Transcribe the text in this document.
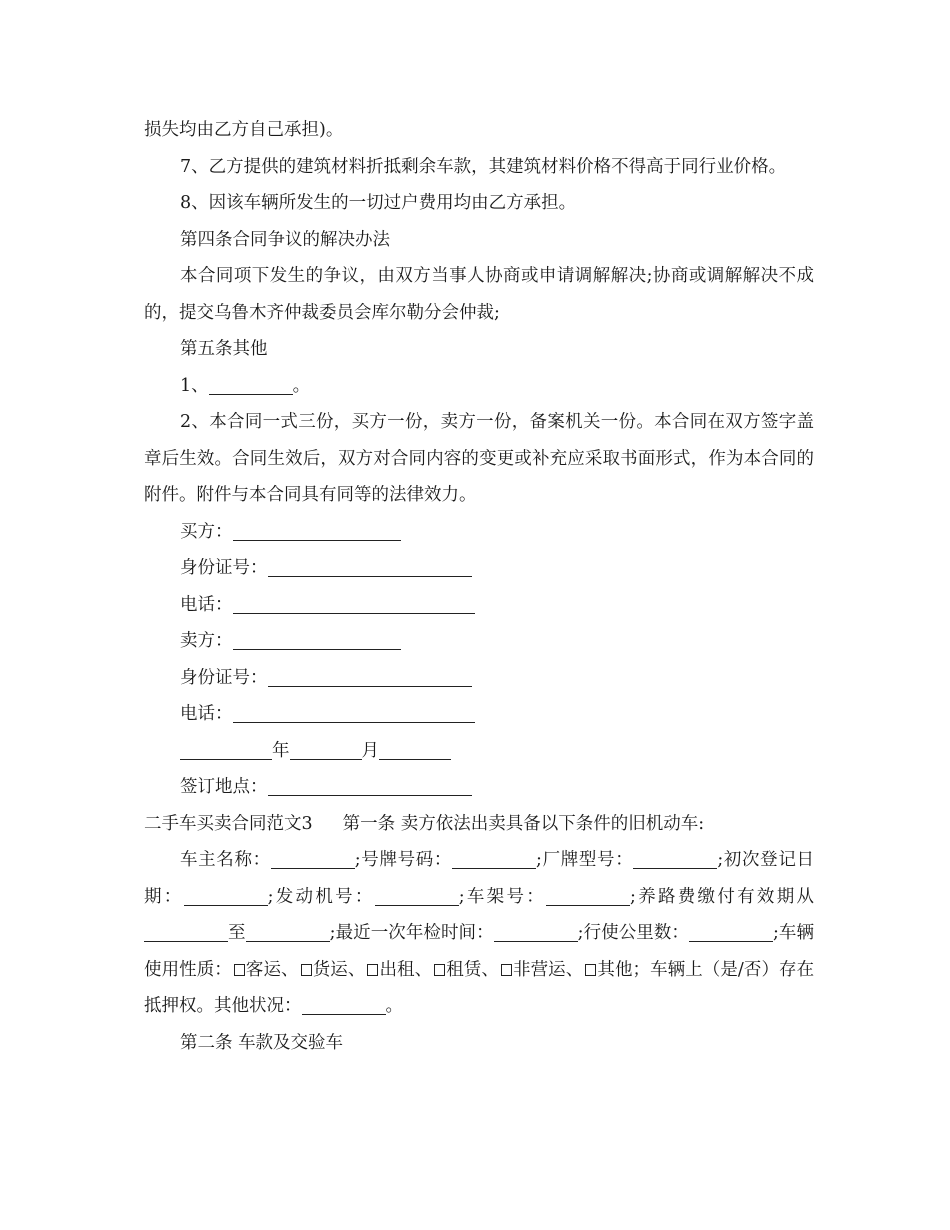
损失均由乙方自己承担)。

7、乙方提供的建筑材料折抵剩余车款，其建筑材料价格不得高于同行业价格。

8、因该车辆所发生的一切过户费用均由乙方承担。

第四条合同争议的解决办法

本合同项下发生的争议，由双方当事人协商或申请调解解决;协商或调解解决不成的，提交乌鲁木齐仲裁委员会库尔勒分会仲裁;

第五条其他

1、	。

2、本合同一式三份，买方一份，卖方一份，备案机关一份。本合同在双方签字盖章后生效。合同生效后，双方对合同内容的变更或补充应采取书面形式，作为本合同的附件。附件与本合同具有同等的法律效力。

买方：

身份证号：

电话：

卖方：

身份证号：

电话：

年	月

签订地点：

二手车买卖合同范文3 第一条 卖方依法出卖具备以下条件的旧机动车:

车主名称：	;号牌号码：	;厂牌型号：	;初次登记日期：	;发动机号：	;车架号：	;养路费缴付有效期从至	;最近一次年检时间：	;行使公里数：	;车辆使用性质： 客运、 货运、 出租、 租赁、 非营运、 其他；车辆上（是/否）存在抵押权。其他状况：	。

第二条 车款及交验车
